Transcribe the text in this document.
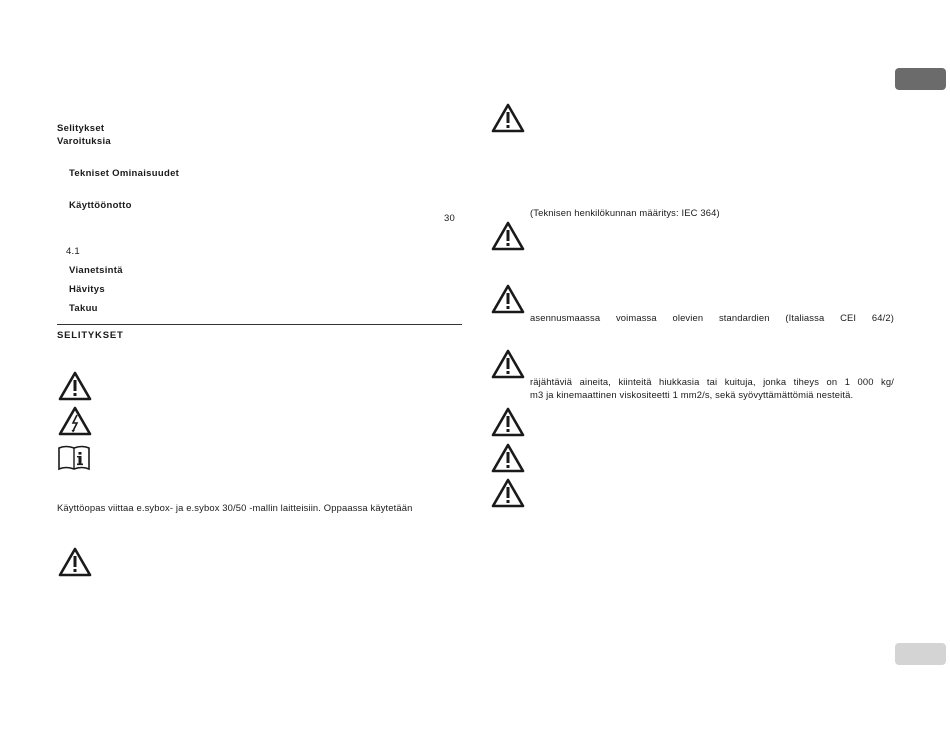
Selitykset
Varoituksia
Tekniset Ominaisuudet
Käyttöönotto
30
4.1
Vianetsintä
Hävitys
Takuu
SELITYKSET
Käyttöopas viittaa e.sybox- ja e.sybox 30/50 -mallin laitteisiin. Oppaassa käytetään
(Teknisen henkilökunnan määritys: IEC 364)
asennusmaassa voimassa olevien standardien (Italiassa CEI 64/2)
räjähtäviä aineita, kiinteitä hiukkasia tai kuituja, jonka tiheys on 1 000 kg/
m3 ja kinemaattinen viskositeetti 1 mm2/s, sekä syövyttämättömiä nesteitä.
